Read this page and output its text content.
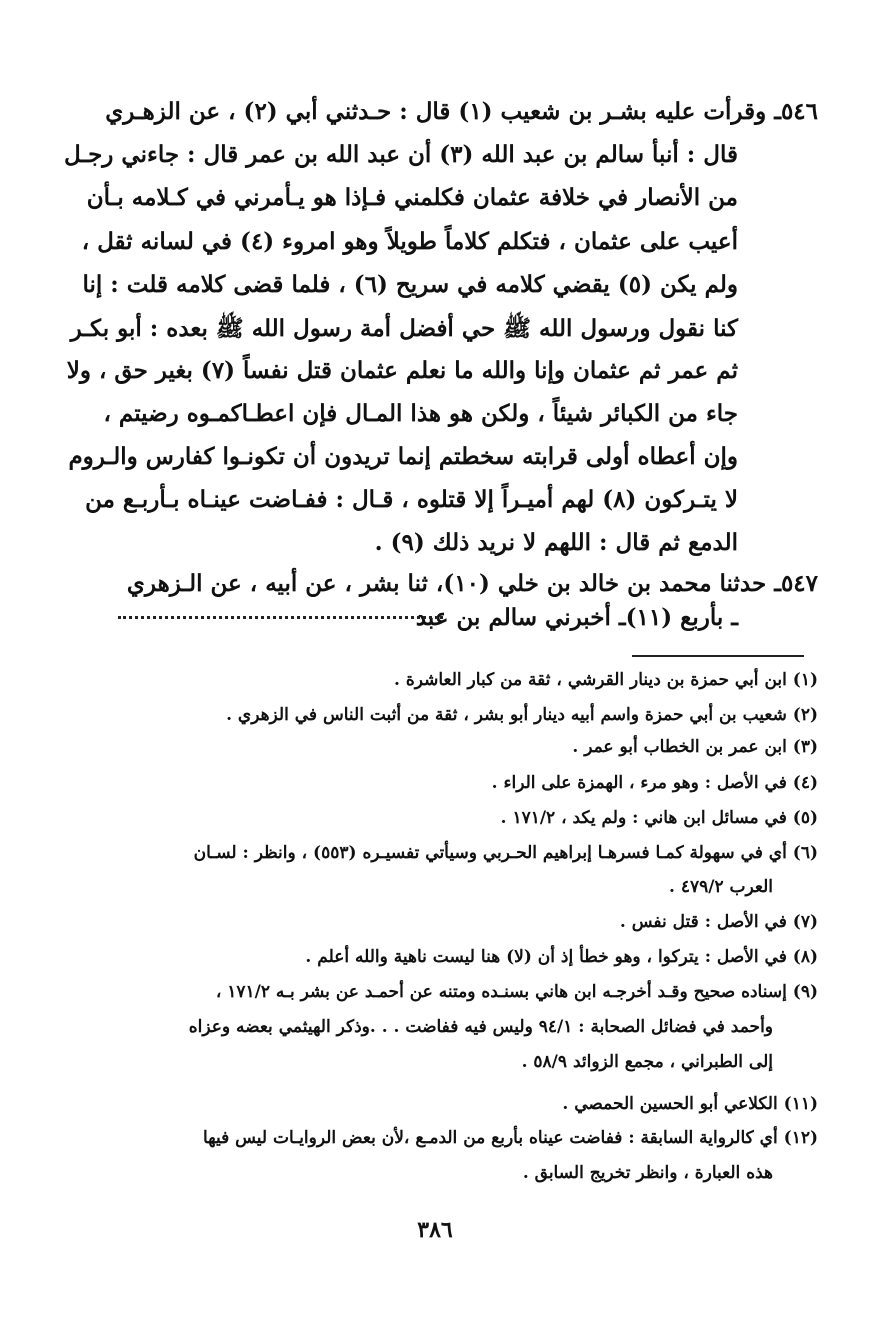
٥٤٦ـ وقرأت عليه بشـر بن شعيب (١) قال : حـدثني أبي (٢) ، عن الزهـري
قال : أنبأ سالم بن عبد الله (٣) أن عبد الله بن عمر قال : جاءني رجـل
من الأنصار في خلافة عثمان فكلمني فـإذا هو يـأمرني في كـلامه بـأن
أعيب على عثمان ، فتكلم كلاماً طويلاً وهو امروء (٤) في لسانه ثقل ،
ولم يكن (٥) يقضي كلامه في سريح (٦) ، فلما قضى كلامه قلت : إنا
كنا نقول ورسول الله ﷺ حي أفضل أمة رسول الله ﷺ بعده : أبو بكـر
ثم عمر ثم عثمان وإنا والله ما نعلم عثمان قتل نفساً (٧) بغير حق ، ولا
جاء من الكبائر شيئاً ، ولكن هو هذا المـال فإن اعطـاكمـوه رضيتم ،
وإن أعطاه أولى قرابته سخطتم إنما تريدون أن تكونـوا كفارس والـروم
لا يتـركون (٨) لهم أميـراً إلا قتلوه ، قـال : ففـاضت عينـاه بـأربـع من
الدمع ثم قال : اللهم لا نريد ذلك (٩) .
٥٤٧ـ حدثنا محمد بن خالد بن خلي (١٠)، ثنا بشر ، عن أبيه ، عن الـزهري
ـ بأربع (١١)ـ أخبرني سالم بن عبد
(١) ابن أبي حمزة بن دينار القرشي ، ثقة من كبار العاشرة .
(٢) شعيب بن أبي حمزة واسم أبيه دينار أبو بشر ، ثقة من أثبت الناس في الزهري .
(٣) ابن عمر بن الخطاب أبو عمر .
(٤) في الأصل : وهو مرء ، الهمزة على الراء .
(٥) في مسائل ابن هاني : ولم يكد ، ١٧١/٢ .
(٦) أي في سهولة كمـا فسرهـا إبراهيم الحـربي وسيأتي تفسيـره (٥٥٣) ، وانظر : لسـان
العرب ٤٧٩/٢ .
(٧) في الأصل : قتل نفس .
(٨) في الأصل : يتركوا ، وهو خطأ إذ أن (لا) هنا ليست ناهية والله أعلم .
(٩) إسناده صحيح وقـد أخرجـه ابن هاني بسنـده ومتنه عن أحمـد عن بشر بـه ١٧١/٢ ،
وأحمد في فضائل الصحابة : ٩٤/١ وليس فيه ففاضت . . .وذكر الهيثمي بعضه وعزاه
إلى الطبراني ، مجمع الزوائد ٥٨/٩ .
(١١) الكلاعي أبو الحسين الحمصي .
(١٢) أي كالرواية السابقة : ففاضت عيناه بأربع من الدمـع ،لأن بعض الروايـات ليس فيها
هذه العبارة ، وانظر تخريج السابق .
٣٨٦
